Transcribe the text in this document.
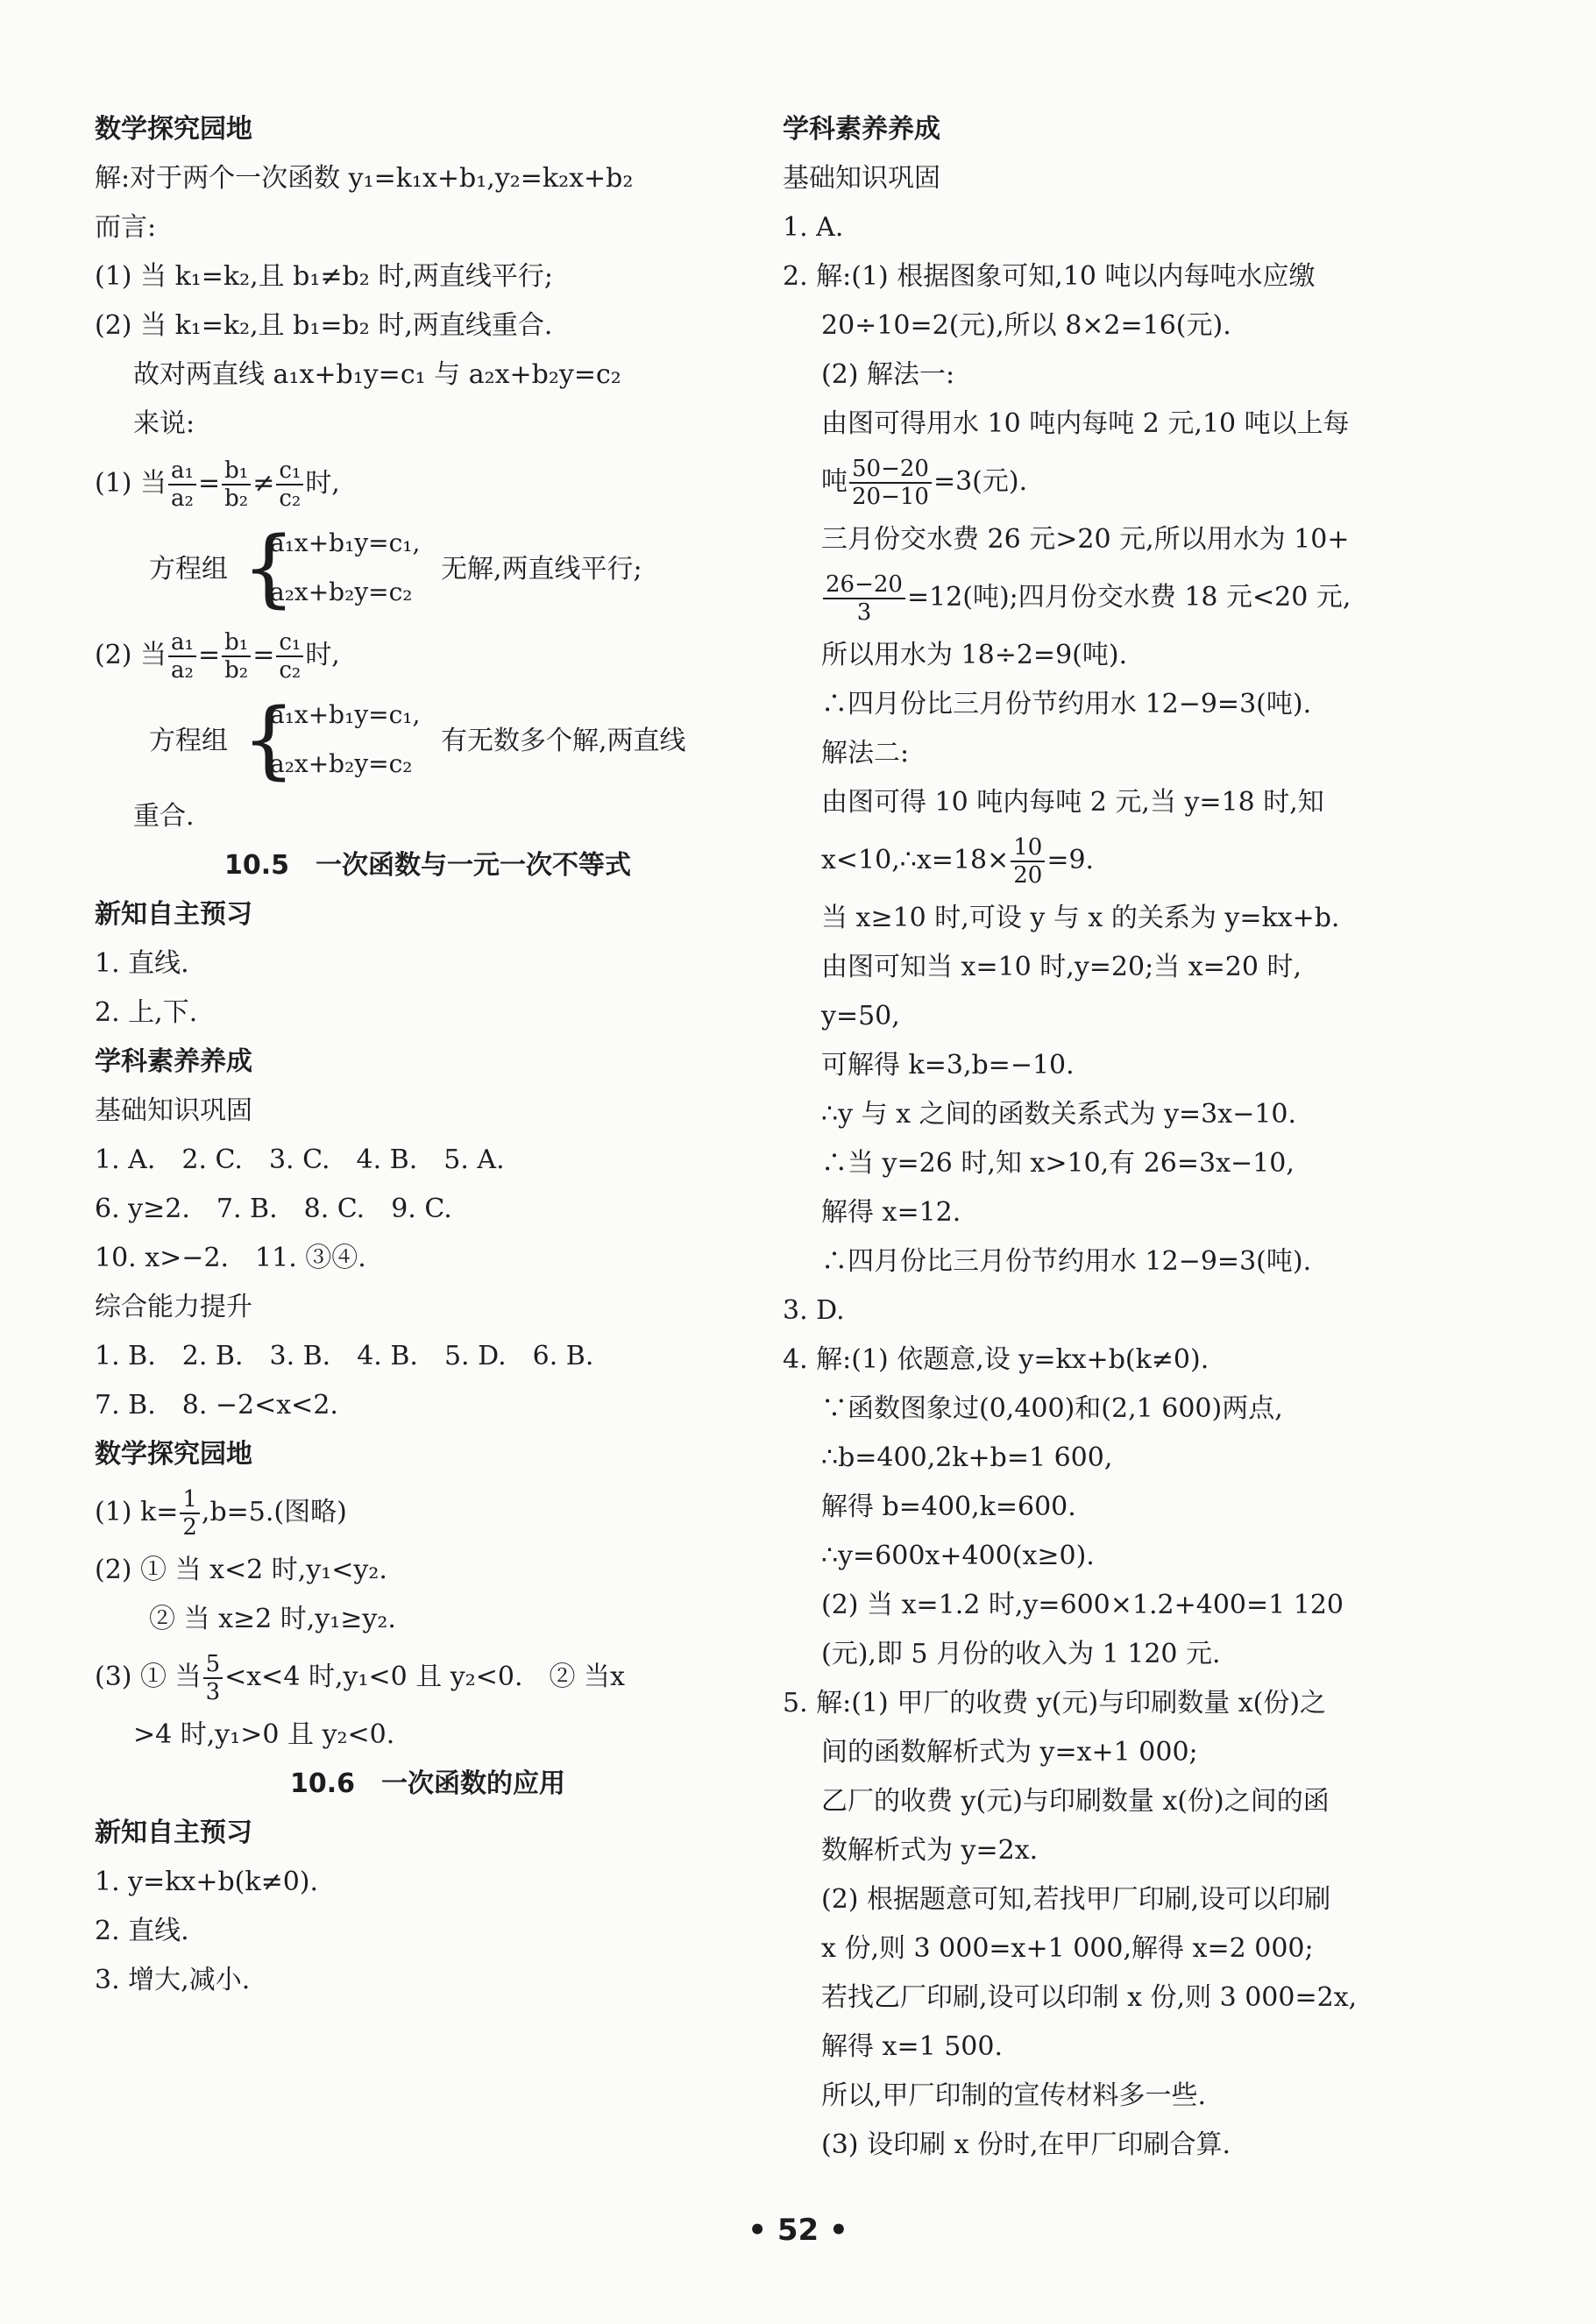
数学探究园地
解:对于两个一次函数 y₁=k₁x+b₁,y₂=k₂x+b₂
而言:
(1) 当 k₁=k₂,且 b₁≠b₂ 时,两直线平行;
(2) 当 k₁=k₂,且 b₁=b₂ 时,两直线重合.
故对两直线 a₁x+b₁y=c₁ 与 a₂x+b₂y=c₂
来说:
(1) 当 $\frac{\text{a₁}}{\text{a₂}} = \frac{\text{b₁}}{\text{b₂}} \ne \frac{\text{c₁}}{\text{c₂}}$ 时,
方程组 {
a₁x+b₁y=c₁,
a₂x+b₂y=c₂
无解,两直线平行;
(2) 当 $\frac{\text{a₁}}{\text{a₂}} = \frac{\text{b₁}}{\text{b₂}} = \frac{\text{c₁}}{\text{c₂}}$ 时,
方程组 {
a₁x+b₁y=c₁,
a₂x+b₂y=c₂
有无数多个解,两直线
重合.
10.5　一次函数与一元一次不等式
新知自主预习
1. 直线.
2. 上,下.
学科素养养成
基础知识巩固
1. A.　2. C.　3. C.　4. B.　5. A.
6. y≥2.　7. B.　8. C.　9. C.
10. x>−2.　11. ③④.
综合能力提升
1. B.　2. B.　3. B.　4. B.　5. D.　6. B.
7. B.　8. −2<x<2.
数学探究园地
(1) $k= \frac{1}{2} ,b=5$.(图略)
(2) ① 当 x<2 时,y₁<y₂.
② 当 x≥2 时,y₁≥y₂.
(3) ① 当 $\frac{5}{3} <x<4$ 时,y₁<0 且 y₂<0.　② 当x
>4 时,y₁>0 且 y₂<0.
10.6　一次函数的应用
新知自主预习
1. y=kx+b(k≠0).
2. 直线.
3. 增大,减小.
学科素养养成
基础知识巩固
1. A.
2. 解:(1) 根据图象可知,10 吨以内每吨水应缴
20÷10=2(元),所以 8×2=16(元).
(2) 解法一:
由图可得用水 10 吨内每吨 2 元,10 吨以上每
吨 $\frac{50-20}{20-10} =3$(元).
三月份交水费 26 元>20 元,所以用水为 10+
$\frac{26-20}{3} =12$(吨);四月份交水费 18 元<20 元,
所以用水为 18÷2=9(吨).
∴四月份比三月份节约用水 12−9=3(吨).
解法二:
由图可得 10 吨内每吨 2 元,当 y=18 时,知
x<10,∴x=18× $\frac{10}{20} =9$.
当 x≥10 时,可设 y 与 x 的关系为 y=kx+b.
由图可知当 x=10 时,y=20;当 x=20 时,
y=50,
可解得 k=3,b=−10.
∴y 与 x 之间的函数关系式为 y=3x−10.
∴当 y=26 时,知 x>10,有 26=3x−10,
解得 x=12.
∴四月份比三月份节约用水 12−9=3(吨).
3. D.
4. 解:(1) 依题意,设 y=kx+b(k≠0).
∵函数图象过(0,400)和(2,1 600)两点,
∴b=400,2k+b=1 600,
解得 b=400,k=600.
∴y=600x+400(x≥0).
(2) 当 x=1.2 时,y=600×1.2+400=1 120
(元),即 5 月份的收入为 1 120 元.
5. 解:(1) 甲厂的收费 y(元)与印刷数量 x(份)之
间的函数解析式为 y=x+1 000;
乙厂的收费 y(元)与印刷数量 x(份)之间的函
数解析式为 y=2x.
(2) 根据题意可知,若找甲厂印刷,设可以印刷
x 份,则 3 000=x+1 000,解得 x=2 000;
若找乙厂印刷,设可以印制 x 份,则 3 000=2x,
解得 x=1 500.
所以,甲厂印制的宣传材料多一些.
(3) 设印刷 x 份时,在甲厂印刷合算.
• 52 •
